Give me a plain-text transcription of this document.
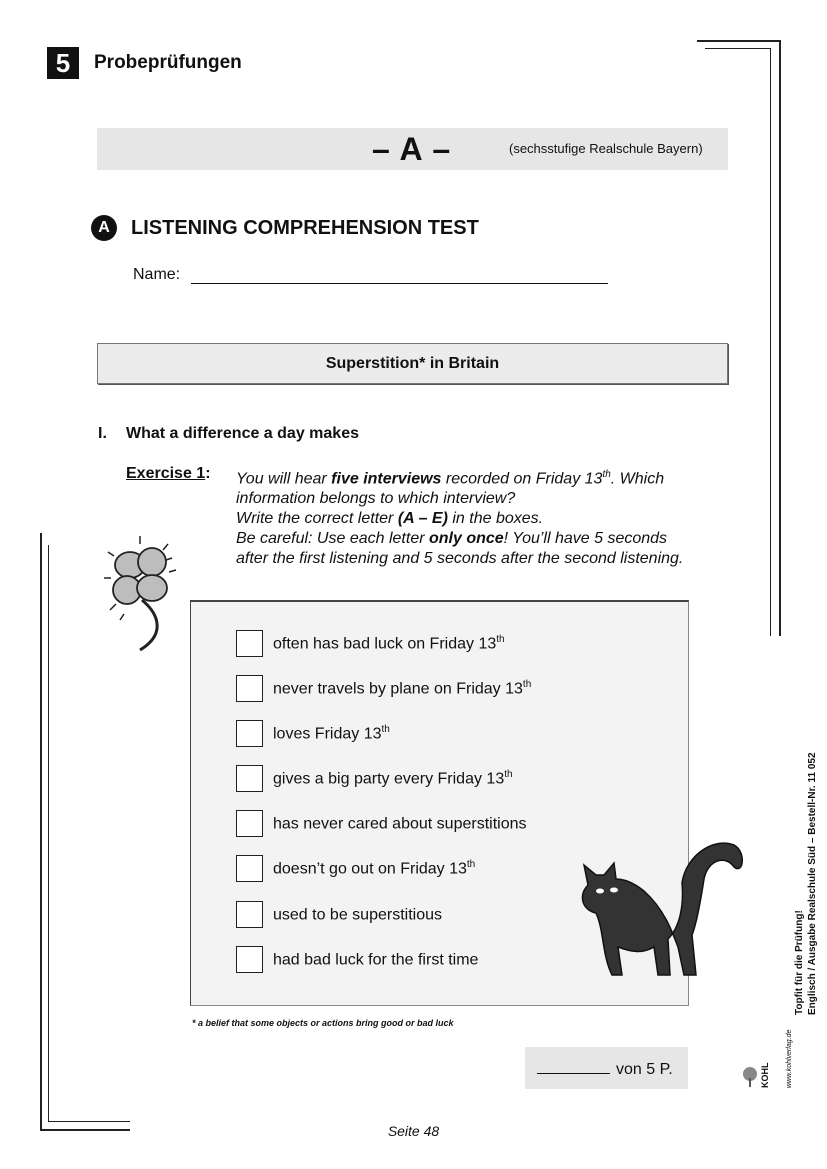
5	Probeprüfungen
– A –	(sechsstufige Realschule Bayern)
A	LISTENING COMPREHENSION TEST
Name:
Superstition* in Britain
I. What a difference a day makes
Exercise 1: You will hear five interviews recorded on Friday 13th. Which

information belongs to which interview?

Write the correct letter (A – E) in the boxes.

Be careful: Use each letter only once! You’ll have 5 seconds

after the first listening and 5 seconds after the second listening.

often has bad luck on Friday 13th
never travels by plane on Friday 13th
loves Friday 13th
gives a big party every Friday 13th
has never cared about superstitions
doesn’t go out on Friday 13th
used to be superstitious
had bad luck for the first time
* a belief that some objects or actions bring good or bad luck
von 5 P.
Seite 48
Topfit für die Prüfung! Englisch / Ausgabe Realschule Süd – Bestell-Nr. 11 052
www.kohlverlag.de
KOHL
